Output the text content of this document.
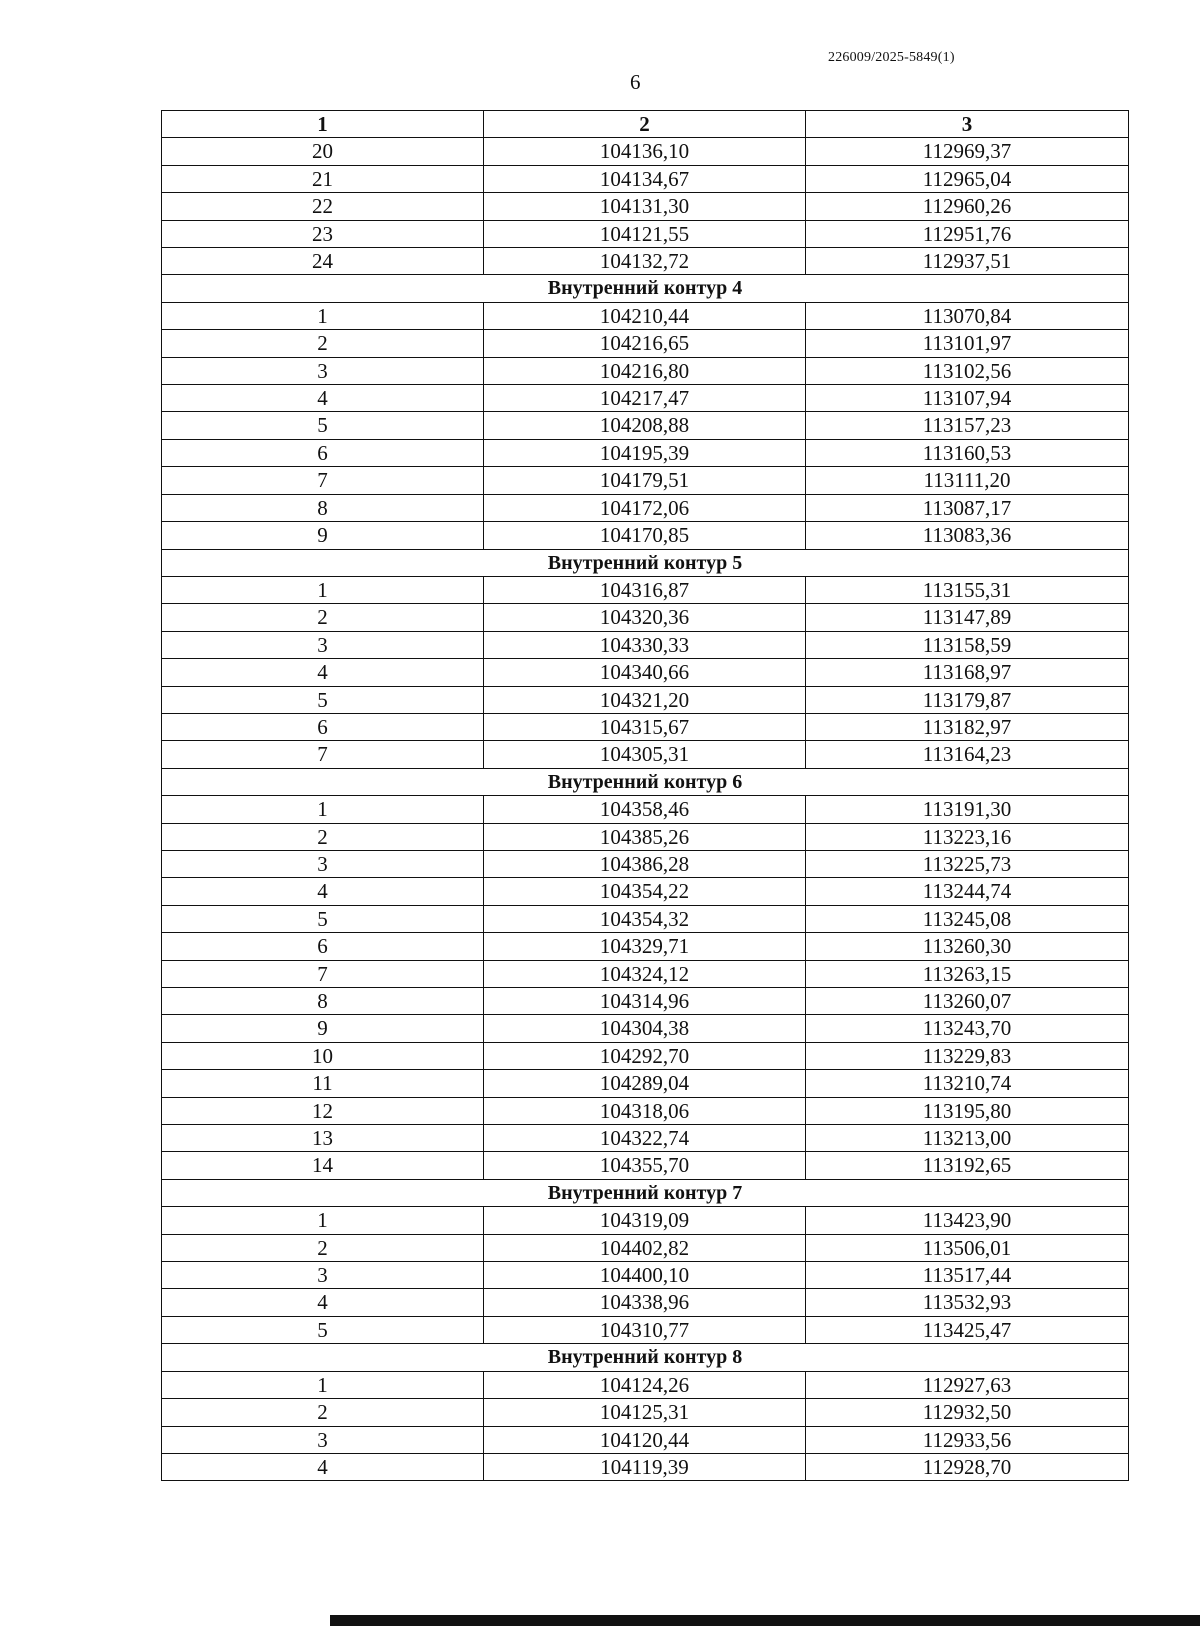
226009/2025-5849(1)
6
1	2	3
20	104136,10	112969,37
21	104134,67	112965,04
22	104131,30	112960,26
23	104121,55	112951,76
24	104132,72	112937,51
Внутренний контур 4		
1	104210,44	113070,84
2	104216,65	113101,97
3	104216,80	113102,56
4	104217,47	113107,94
5	104208,88	113157,23
6	104195,39	113160,53
7	104179,51	113111,20
8	104172,06	113087,17
9	104170,85	113083,36
Внутренний контур 5		
1	104316,87	113155,31
2	104320,36	113147,89
3	104330,33	113158,59
4	104340,66	113168,97
5	104321,20	113179,87
6	104315,67	113182,97
7	104305,31	113164,23
Внутренний контур 6		
1	104358,46	113191,30
2	104385,26	113223,16
3	104386,28	113225,73
4	104354,22	113244,74
5	104354,32	113245,08
6	104329,71	113260,30
7	104324,12	113263,15
8	104314,96	113260,07
9	104304,38	113243,70
10	104292,70	113229,83
11	104289,04	113210,74
12	104318,06	113195,80
13	104322,74	113213,00
14	104355,70	113192,65
Внутренний контур 7		
1	104319,09	113423,90
2	104402,82	113506,01
3	104400,10	113517,44
4	104338,96	113532,93
5	104310,77	113425,47
Внутренний контур 8		
1	104124,26	112927,63
2	104125,31	112932,50
3	104120,44	112933,56
4	104119,39	112928,70
